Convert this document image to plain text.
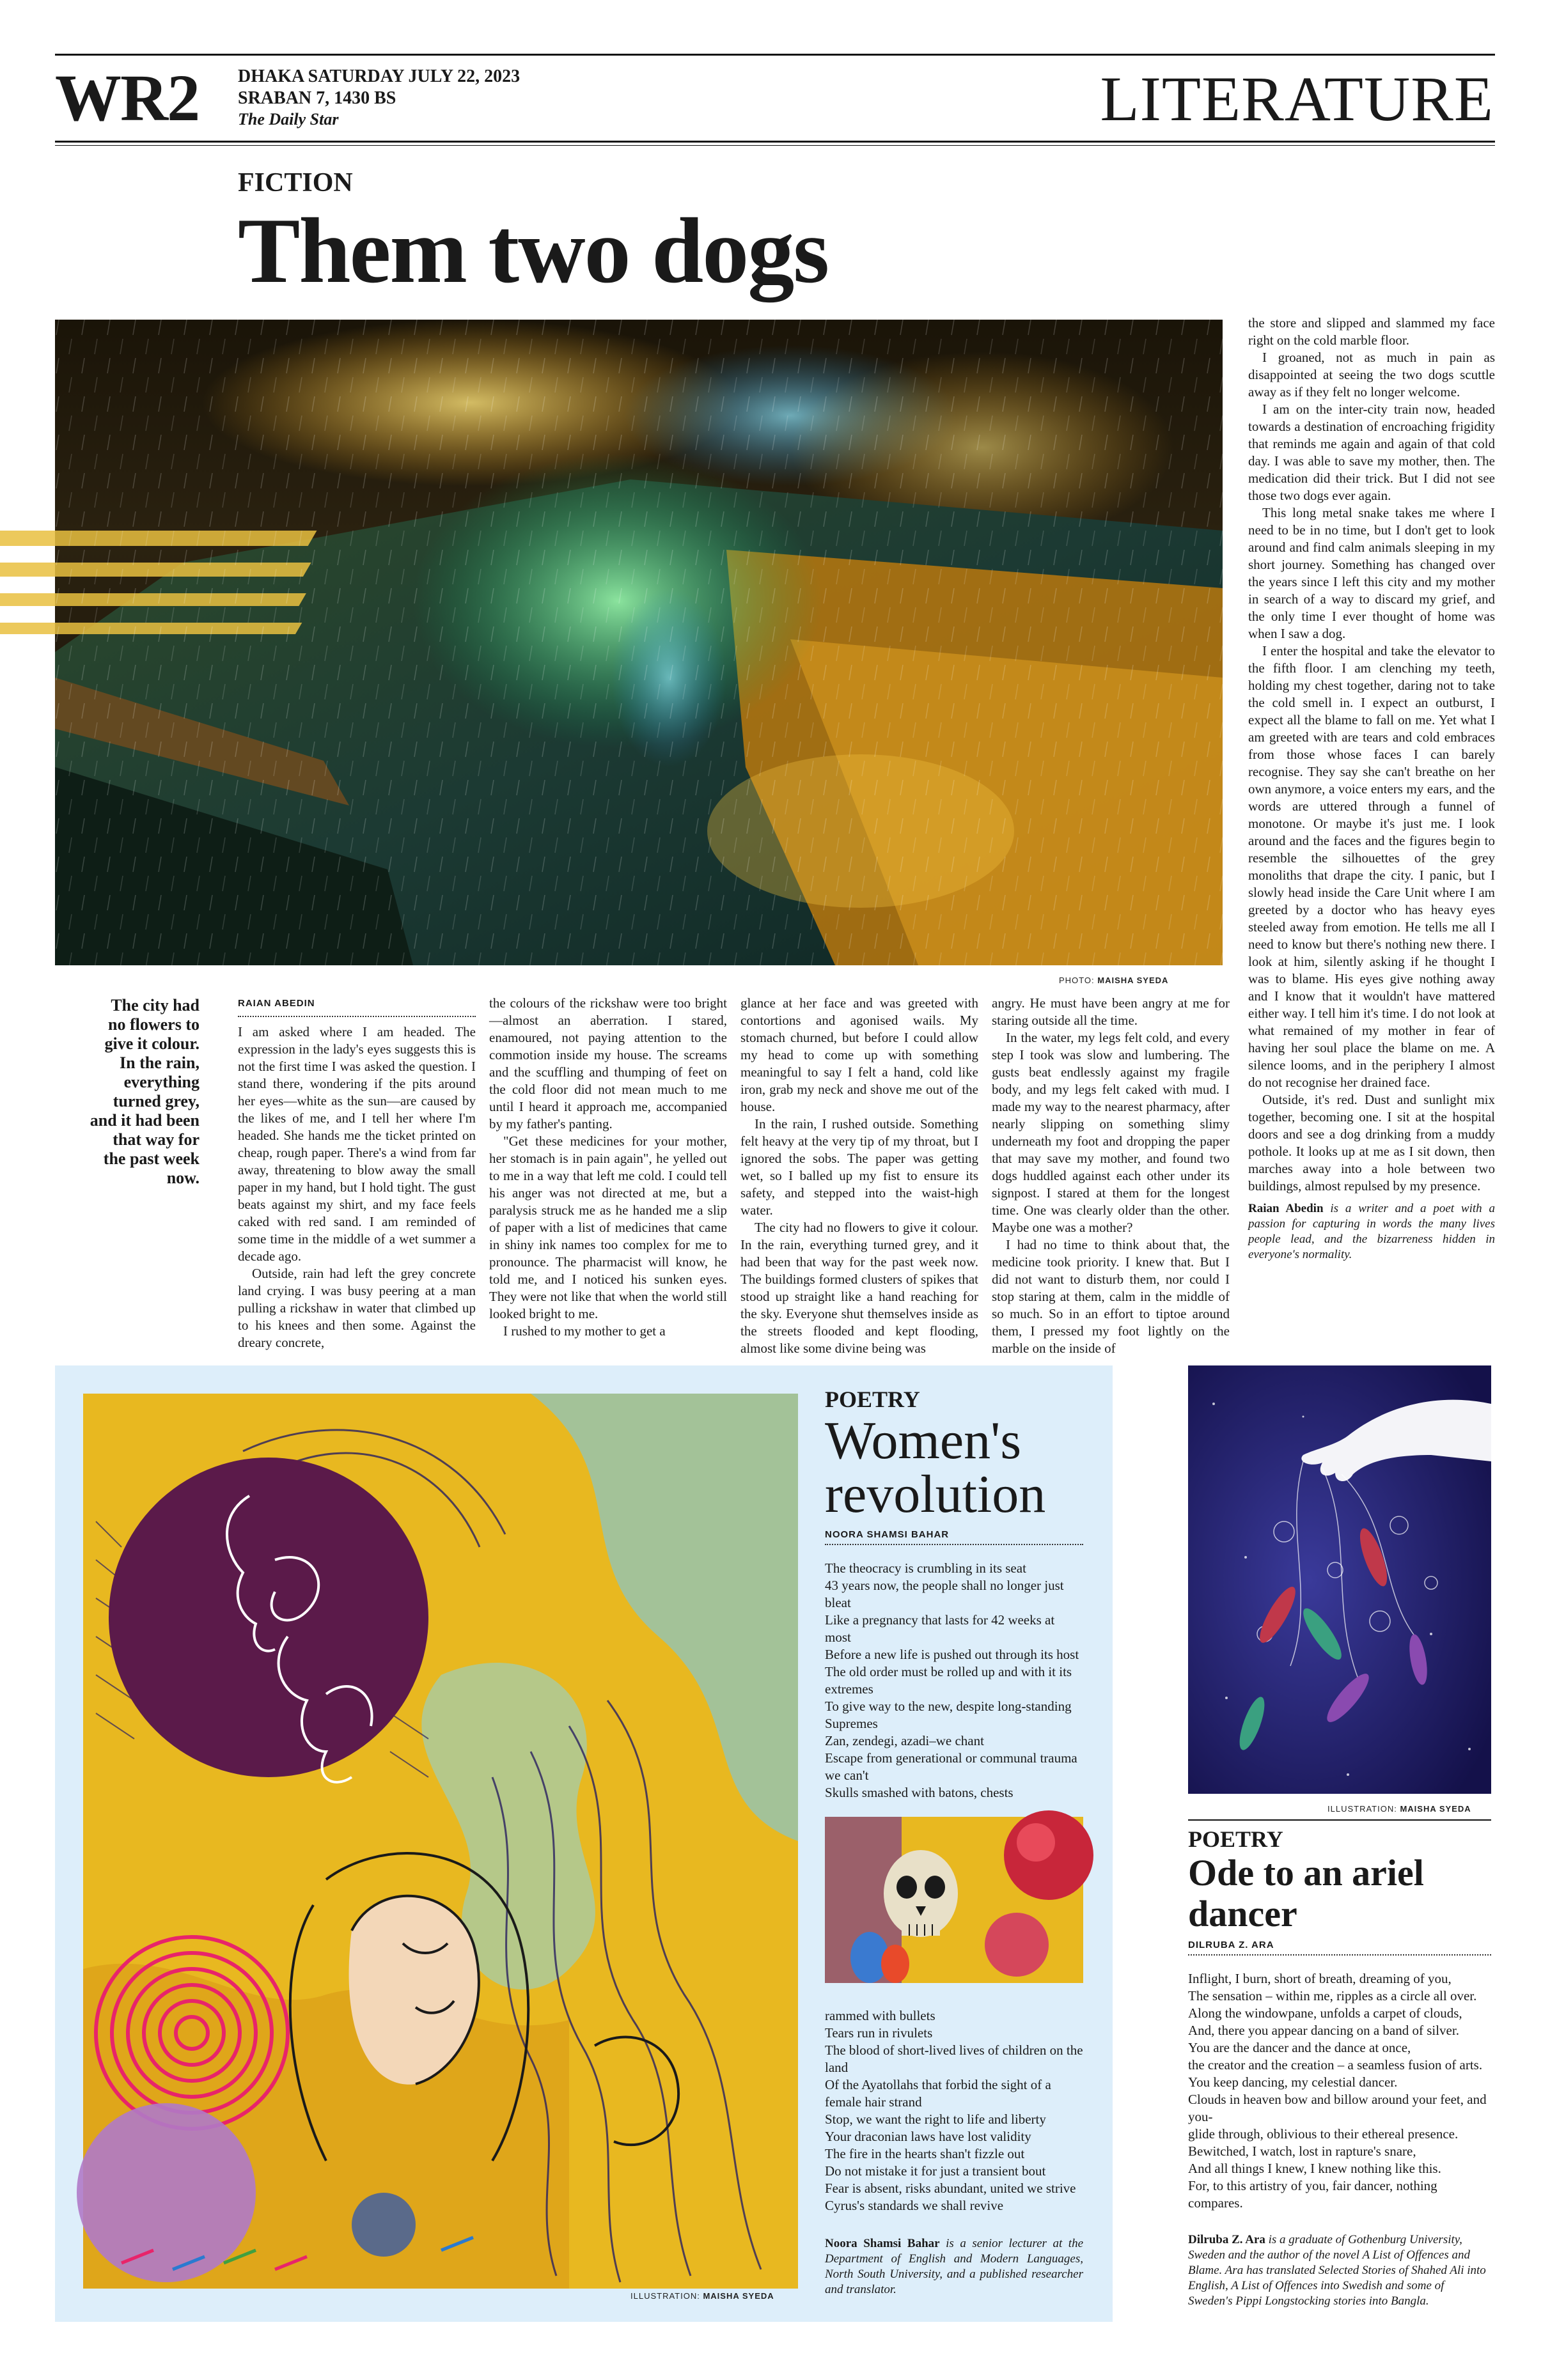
WR2 DHAKA SATURDAY JULY 22, 2023
SRABAN 7, 1430 BS
The Daily Star	LITERATURE
FICTION
Them two dogs
PHOTO: MAISHA SYEDA
The city had no flowers to give it colour. In the rain, everything turned grey, and it had been that way for the past week now.
RAIAN ABEDIN

I am asked where I am headed. The expression in the lady's eyes suggests this is not the first time I was asked the question. I stand there, wondering if the pits around her eyes—white as the sun—are caused by the likes of me, and I tell her where I'm headed. She hands me the ticket printed on cheap, rough paper. There's a wind from far away, threatening to blow away the small paper in my hand, but I hold tight. The gust beats against my shirt, and my face feels caked with red sand. I am reminded of some time in the middle of a wet summer a decade ago.

Outside, rain had left the grey concrete land crying. I was busy peering at a man pulling a rickshaw in water that climbed up to his knees and then some. Against the dreary concrete,

the colours of the rickshaw were too bright—almost an aberration. I stared, enamoured, not paying attention to the commotion inside my house. The screams and the scuffling and thumping of feet on the cold floor did not mean much to me until I heard it approach me, accompanied by my father's panting.

"Get these medicines for your mother, her stomach is in pain again", he yelled out to me in a way that left me cold. I could tell his anger was not directed at me, but a paralysis struck me as he handed me a slip of paper with a list of medicines that came in shiny ink names too complex for me to pronounce. The pharmacist will know, he told me, and I noticed his sunken eyes. They were not like that when the world still looked bright to me.

I rushed to my mother to get a

glance at her face and was greeted with contortions and agonised wails. My stomach churned, but before I could allow my head to come up with something meaningful to say I felt a hand, cold like iron, grab my neck and shove me out of the house.

In the rain, I rushed outside. Something felt heavy at the very tip of my throat, but I ignored the sobs. The paper was getting wet, so I balled up my fist to ensure its safety, and stepped into the waist-high water.

The city had no flowers to give it colour. In the rain, everything turned grey, and it had been that way for the past week now. The buildings formed clusters of spikes that stood up straight like a hand reaching for the sky. Everyone shut themselves inside as the streets flooded and kept flooding, almost like some divine being was

angry. He must have been angry at me for staring outside all the time.

In the water, my legs felt cold, and every step I took was slow and lumbering. The gusts beat endlessly against my fragile body, and my legs felt caked with mud. I made my way to the nearest pharmacy, after nearly slipping on something slimy underneath my foot and dropping the paper that may save my mother, and found two dogs huddled against each other under its signpost. I stared at them for the longest time. One was clearly older than the other. Maybe one was a mother?

I had no time to think about that, the medicine took priority. I knew that. But I did not want to disturb them, nor could I stop staring at them, calm in the middle of so much. So in an effort to tiptoe around them, I pressed my foot lightly on the marble on the inside of

the store and slipped and slammed my face right on the cold marble floor.

I groaned, not as much in pain as disappointed at seeing the two dogs scuttle away as if they felt no longer welcome.

I am on the inter-city train now, headed towards a destination of encroaching frigidity that reminds me again and again of that cold day. I was able to save my mother, then. The medication did their trick. But I did not see those two dogs ever again.

This long metal snake takes me where I need to be in no time, but I don't get to look around and find calm animals sleeping in my short journey. Something has changed over the years since I left this city and my mother in search of a way to discard my grief, and the only time I ever thought of home was when I saw a dog.

I enter the hospital and take the elevator to the fifth floor. I am clenching my teeth, holding my chest together, daring not to take the cold smell in. I expect an outburst, I expect all the blame to fall on me. Yet what I am greeted with are tears and cold embraces from those whose faces I can barely recognise. They say she can't breathe on her own anymore, a voice enters my ears, and the words are uttered through a funnel of monotone. Or maybe it's just me. I look around and the faces and the figures begin to resemble the silhouettes of the grey monoliths that drape the city. I panic, but I slowly head inside the Care Unit where I am greeted by a doctor who has heavy eyes steeled away from emotion. He tells me all I need to know but there's nothing new there. I look at him, silently asking if he thought I was to blame. His eyes give nothing away and I know that it wouldn't have mattered either way. I tell him it's time. I do not look at what remained of my mother in fear of having her soul place the blame on me. A silence looms, and in the periphery I almost do not recognise her drained face.

Outside, it's red. Dust and sunlight mix together, becoming one. I sit at the hospital doors and see a dog drinking from a muddy pothole. It looks up at me as I sit down, then marches away into a hole between two buildings, almost repulsed by my presence.

Raian Abedin is a writer and a poet with a passion for capturing in words the many lives people lead, and the bizarreness hidden in everyone's normality.

ILLUSTRATION: MAISHA SYEDA
POETRY
Women's revolution
NOORA SHAMSI BAHAR
The theocracy is crumbling in its seat
43 years now, the people shall no longer just bleat
Like a pregnancy that lasts for 42 weeks at most
Before a new life is pushed out through its host
The old order must be rolled up and with it its extremes
To give way to the new, despite long-standing Supremes
Zan, zendegi, azadi–we chant
Escape from generational or communal trauma we can't
Skulls smashed with batons, chests
rammed with bullets
Tears run in rivulets
The blood of short-lived lives of children on the land
Of the Ayatollahs that forbid the sight of a female hair strand
Stop, we want the right to life and liberty
Your draconian laws have lost validity
The fire in the hearts shan't fizzle out
Do not mistake it for just a transient bout
Fear is absent, risks abundant, united we strive
Cyrus's standards we shall revive
Noora Shamsi Bahar is a senior lecturer at the Department of English and Modern Languages, North South University, and a published researcher and translator.
ILLUSTRATION: MAISHA SYEDA
POETRY
Ode to an ariel dancer
DILRUBA Z. ARA
Inflight, I burn, short of breath, dreaming of you,
The sensation – within me, ripples as a circle all over.
Along the windowpane, unfolds a carpet of clouds,
And, there you appear dancing on a band of silver.
You are the dancer and the dance at once,
the creator and the creation – a seamless fusion of arts.
You keep dancing, my celestial dancer.
Clouds in heaven bow and billow around your feet, and you-
glide through, oblivious to their ethereal presence.
Bewitched, I watch, lost in rapture's snare,
And all things I knew, I knew nothing like this.
For, to this artistry of you, fair dancer, nothing compares.
Dilruba Z. Ara is a graduate of Gothenburg University, Sweden and the author of the novel A List of Offences and Blame. Ara has translated Selected Stories of Shahed Ali into English, A List of Offences into Swedish and some of Sweden's Pippi Longstocking stories into Bangla.
